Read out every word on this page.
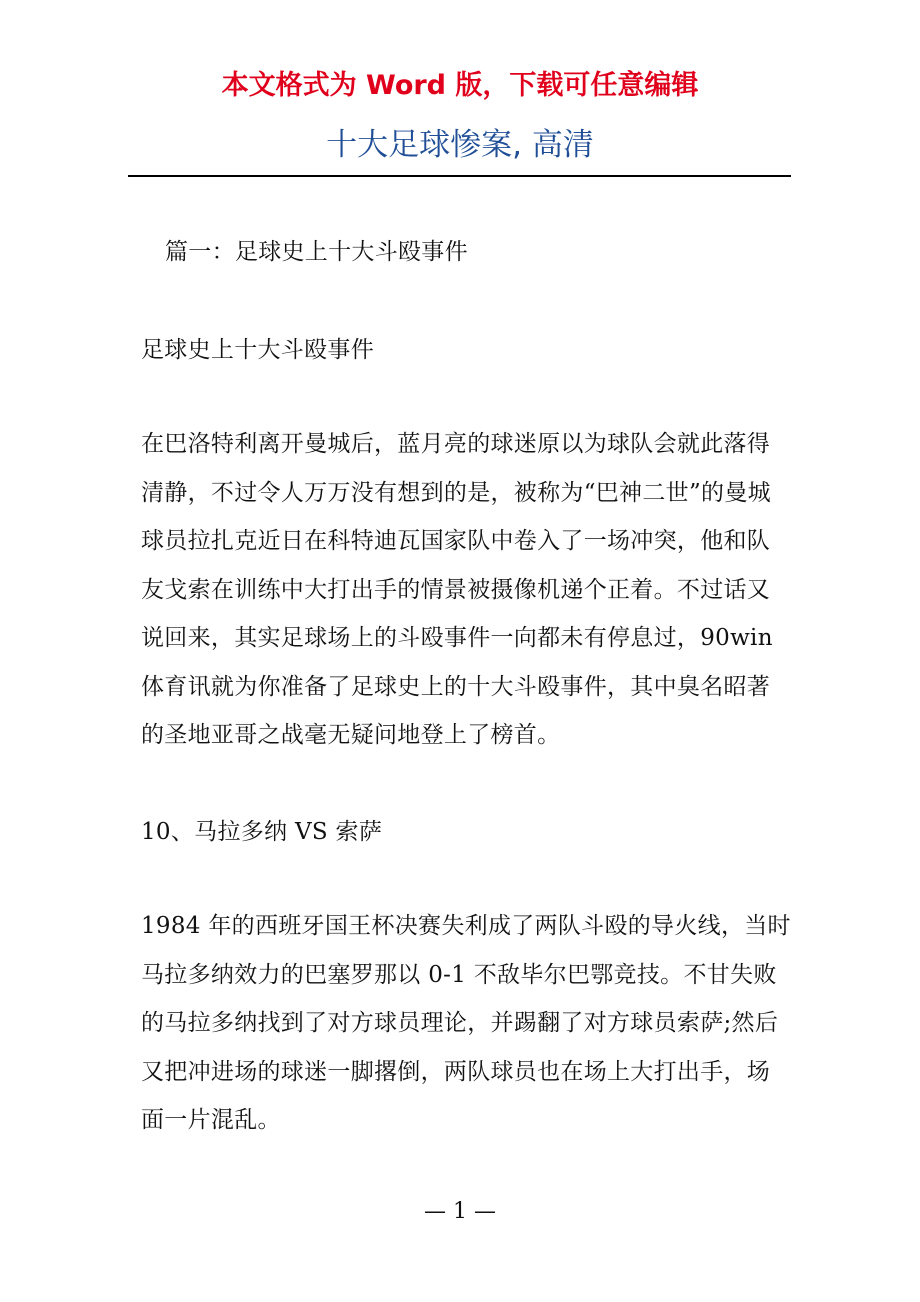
本文格式为 Word 版，下载可任意编辑
十大足球惨案, 高清

篇一：足球史上十大斗殴事件

足球史上十大斗殴事件

在巴洛特利离开曼城后，蓝月亮的球迷原以为球队会就此落得清静，不过令人万万没有想到的是，被称为“巴神二世”的曼城球员拉扎克近日在科特迪瓦国家队中卷入了一场冲突，他和队友戈索在训练中大打出手的情景被摄像机递个正着。不过话又说回来，其实足球场上的斗殴事件一向都未有停息过，90win 体育讯就为你准备了足球史上的十大斗殴事件，其中臭名昭著的圣地亚哥之战毫无疑问地登上了榜首。

10、马拉多纳 VS 索萨

1984 年的西班牙国王杯决赛失利成了两队斗殴的导火线，当时马拉多纳效力的巴塞罗那以 0-1 不敌毕尔巴鄂竞技。不甘失败的马拉多纳找到了对方球员理论，并踢翻了对方球员索萨;然后又把冲进场的球迷一脚撂倒，两队球员也在场上大打出手，场面一片混乱。

— 1 —
